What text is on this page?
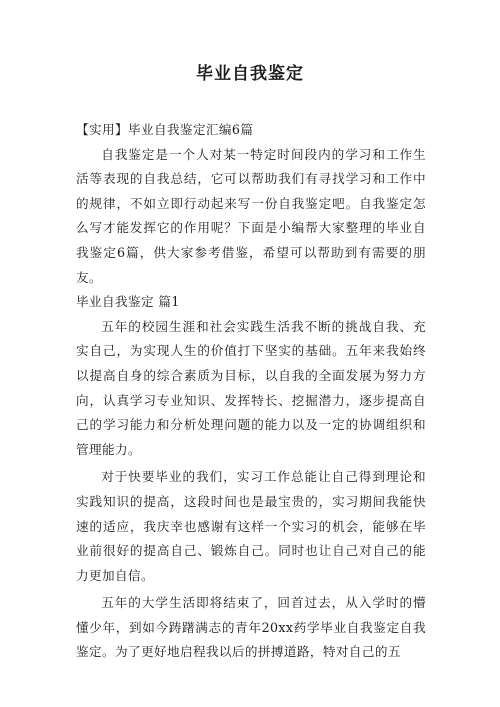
毕业自我鉴定

【实用】毕业自我鉴定汇编6篇

自我鉴定是一个人对某一特定时间段内的学习和工作生活等表现的自我总结，它可以帮助我们有寻找学习和工作中的规律，不如立即行动起来写一份自我鉴定吧。自我鉴定怎么写才能发挥它的作用呢？下面是小编帮大家整理的毕业自我鉴定6篇，供大家参考借鉴，希望可以帮助到有需要的朋友。

毕业自我鉴定 篇1

五年的校园生涯和社会实践生活我不断的挑战自我、充实自己，为实现人生的价值打下坚实的基础。五年来我始终以提高自身的综合素质为目标，以自我的全面发展为努力方向，认真学习专业知识、发挥特长、挖掘潜力，逐步提高自己的学习能力和分析处理问题的能力以及一定的协调组织和管理能力。

对于快要毕业的我们，实习工作总能让自己得到理论和实践知识的提高，这段时间也是最宝贵的，实习期间我能快速的适应，我庆幸也感谢有这样一个实习的机会，能够在毕业前很好的提高自己、锻炼自己。同时也让自己对自己的能力更加自信。

五年的大学生活即将结束了，回首过去，从入学时的懵懂少年，到如今踌躇满志的青年20xx药学毕业自我鉴定自我鉴定。为了更好地启程我以后的拼搏道路，特对自己的五
